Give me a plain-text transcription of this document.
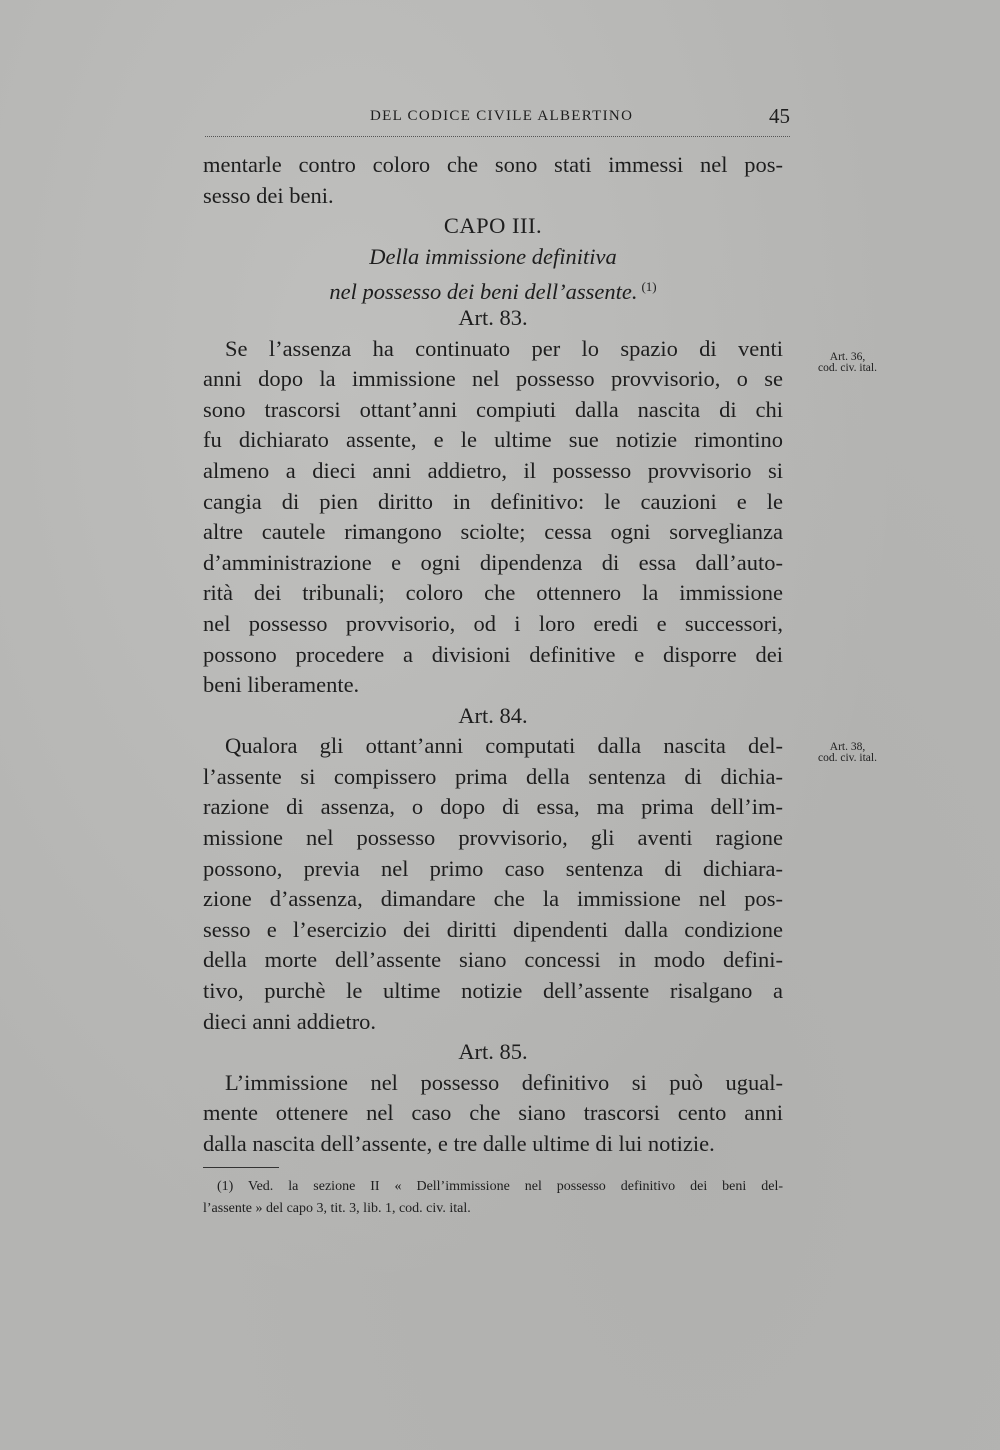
DEL CODICE CIVILE ALBERTINO	45
mentarle contro coloro che sono stati immessi nel pos-
sesso dei beni.
CAPO III.
Della immissione definitiva
nel possesso dei beni dell’assente. $^{(1)}$
Art. 83.
Se l’assenza ha continuato per lo spazio di venti
anni dopo la immissione nel possesso provvisorio, o se
sono trascorsi ottant’anni compiuti dalla nascita di chi
fu dichiarato assente, e le ultime sue notizie rimontino
almeno a dieci anni addietro, il possesso provvisorio si
cangia di pien diritto in definitivo: le cauzioni e le
altre cautele rimangono sciolte; cessa ogni sorveglianza
d’amministrazione e ogni dipendenza di essa dall’auto-
rità dei tribunali; coloro che ottennero la immissione
nel possesso provvisorio, od i loro eredi e successori,
possono procedere a divisioni definitive e disporre dei
beni liberamente.
Art. 84.
Qualora gli ottant’anni computati dalla nascita del-
l’assente si compissero prima della sentenza di dichia-
razione di assenza, o dopo di essa, ma prima dell’im-
missione nel possesso provvisorio, gli aventi ragione
possono, previa nel primo caso sentenza di dichiara-
zione d’assenza, dimandare che la immissione nel pos-
sesso e l’esercizio dei diritti dipendenti dalla condizione
della morte dell’assente siano concessi in modo defini-
tivo, purchè le ultime notizie dell’assente risalgano a
dieci anni addietro.
Art. 85.
L’immissione nel possesso definitivo si può ugual-
mente ottenere nel caso che siano trascorsi cento anni
dalla nascita dell’assente, e tre dalle ultime di lui notizie.
Art. 36,
cod. civ. ital.
Art. 38,
cod. civ. ital.
(1) Ved. la sezione II « Dell’immissione nel possesso definitivo dei beni del-
l’assente » del capo 3, tit. 3, lib. 1, cod. civ. ital.
